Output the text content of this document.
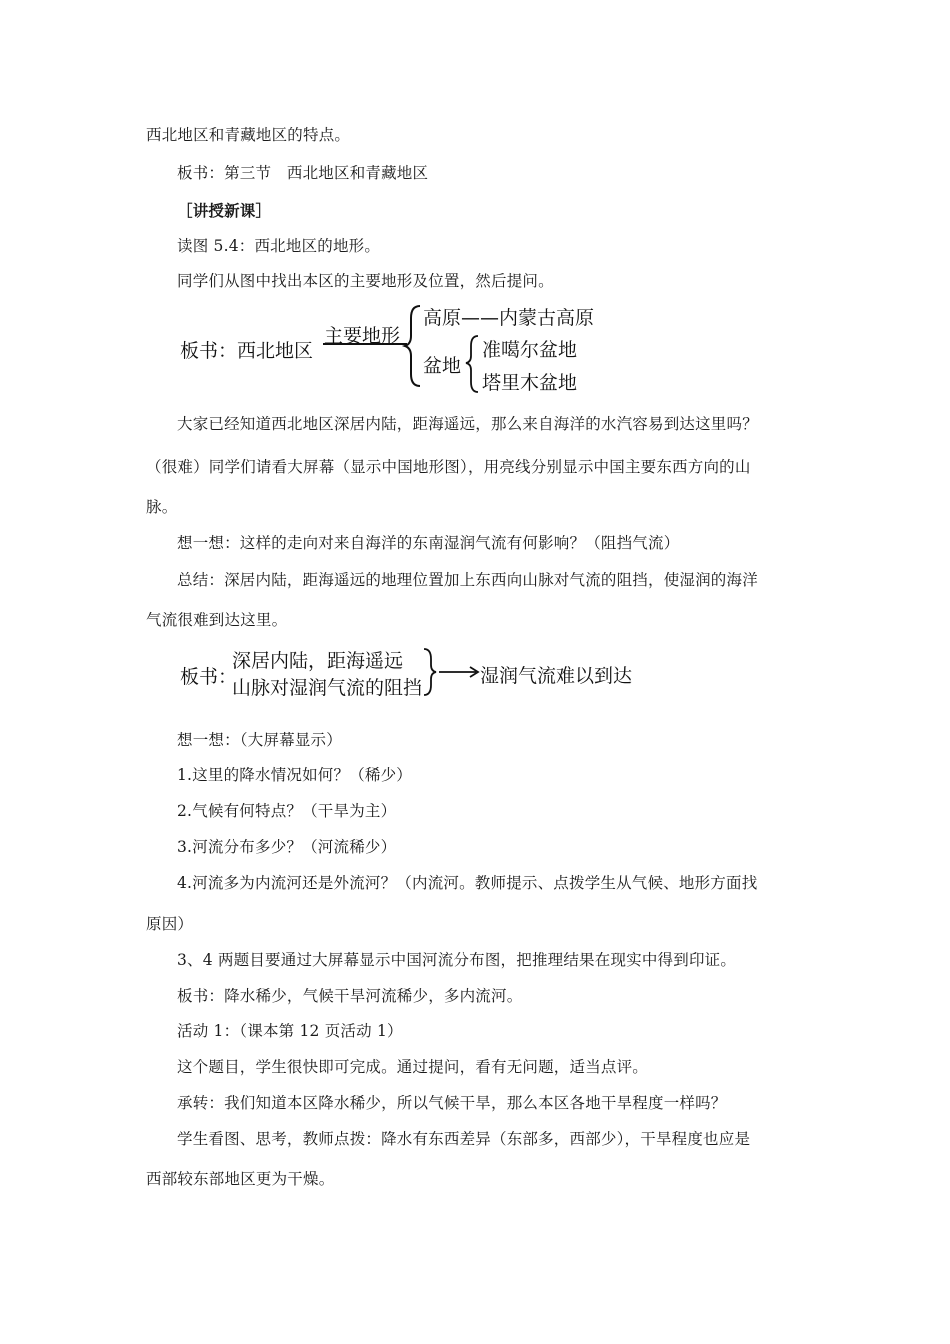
西北地区和青藏地区的特点。
板书：第三节　西北地区和青藏地区
［讲授新课］
读图 5.4：西北地区的地形。
同学们从图中找出本区的主要地形及位置，然后提问。
板书：西北地区
主要地形
高原——内蒙古高原
盆地
准噶尔盆地
塔里木盆地
大家已经知道西北地区深居内陆，距海遥远，那么来自海洋的水汽容易到达这里吗？
（很难）同学们请看大屏幕（显示中国地形图），用亮线分别显示中国主要东西方向的山
脉。
想一想：这样的走向对来自海洋的东南湿润气流有何影响？（阻挡气流）
总结：深居内陆，距海遥远的地理位置加上东西向山脉对气流的阻挡，使湿润的海洋
气流很难到达这里。
板书：
深居内陆，距海遥远
山脉对湿润气流的阻挡
湿润气流难以到达
想一想：（大屏幕显示）
1.这里的降水情况如何？（稀少）
2.气候有何特点？（干旱为主）
3.河流分布多少？（河流稀少）
4.河流多为内流河还是外流河？（内流河。教师提示、点拨学生从气候、地形方面找
原因）
3、4 两题目要通过大屏幕显示中国河流分布图，把推理结果在现实中得到印证。
板书：降水稀少，气候干旱河流稀少，多内流河。
活动 1：（课本第 12 页活动 1）
这个题目，学生很快即可完成。通过提问，看有无问题，适当点评。
承转：我们知道本区降水稀少，所以气候干旱，那么本区各地干旱程度一样吗？
学生看图、思考，教师点拨：降水有东西差异（东部多，西部少），干旱程度也应是
西部较东部地区更为干燥。
